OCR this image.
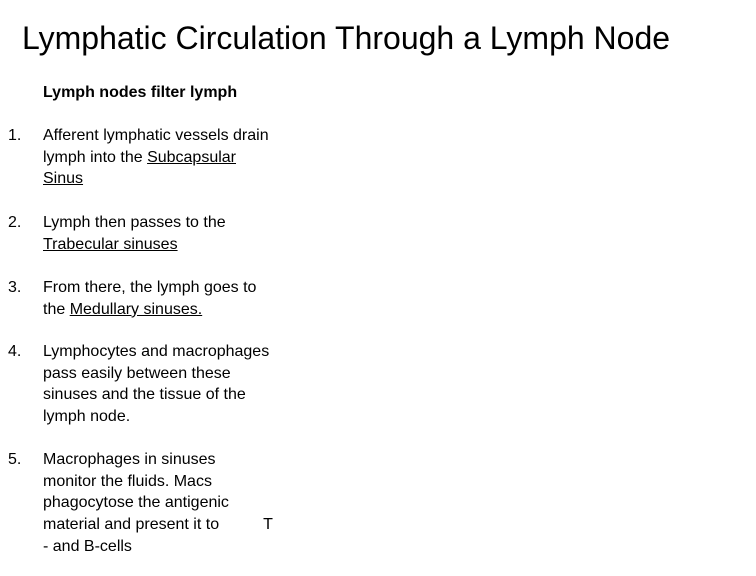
Lymphatic Circulation Through a Lymph Node
Lymph nodes filter lymph
1. Afferent lymphatic vessels drain
lymph into the Subcapsular
Sinus
2. Lymph then passes to the
Trabecular sinuses
3. From there, the lymph goes to
the Medullary sinuses.
4. Lymphocytes and macrophages
pass easily between these
sinuses and the tissue of the
lymph node.
5. Macrophages in sinuses
monitor the fluids. Macs
phagocytose the antigenic
material and present it to	T
- and B-cells
